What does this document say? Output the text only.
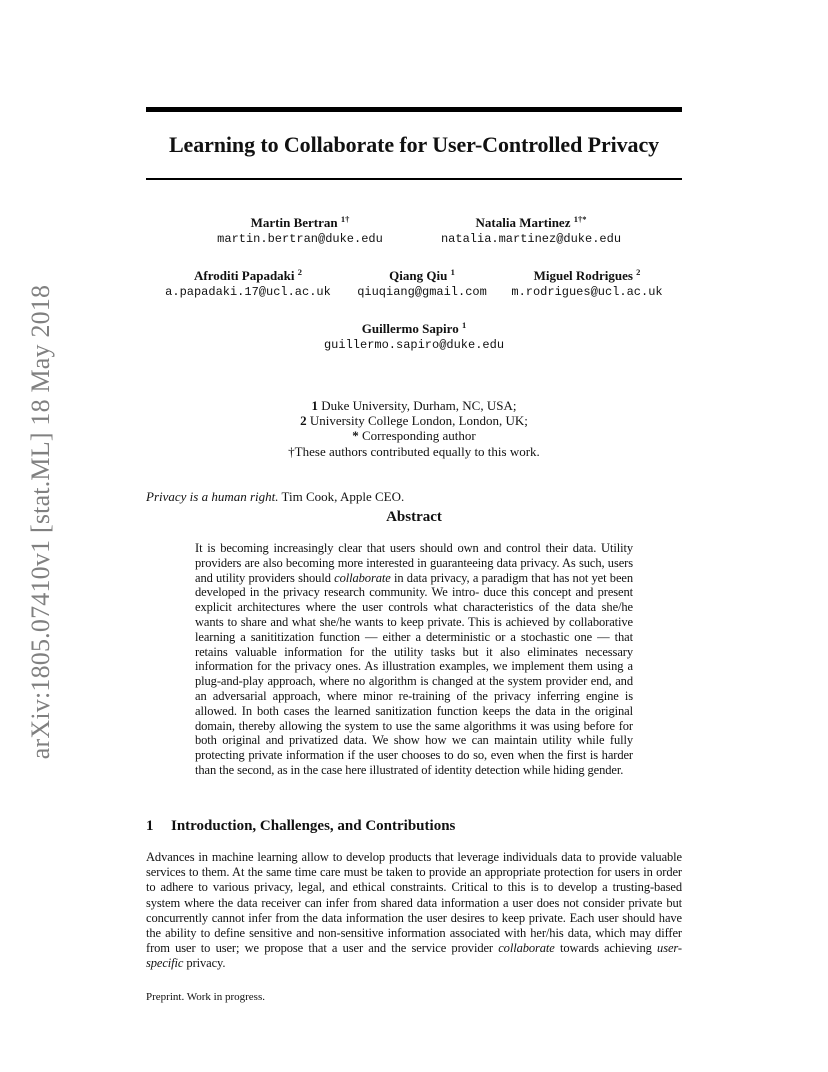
arXiv:1805.07410v1 [stat.ML] 18 May 2018
Learning to Collaborate for User-Controlled Privacy
Martin Bertran $^{1\dagger}$
martin.bertran@duke.edu
Natalia Martinez $^{1\dagger*}$
natalia.martinez@duke.edu
Afroditi Papadaki $^2$
a.papadaki.17@ucl.ac.uk
Qiang Qiu $^1$
qiuqiang@gmail.com
Miguel Rodrigues $^2$
m.rodrigues@ucl.ac.uk
Guillermo Sapiro $^1$
guillermo.sapiro@duke.edu
1 Duke University, Durham, NC, USA;
2 University College London, London, UK;
* Corresponding author
†These authors contributed equally to this work.
Privacy is a human right. Tim Cook, Apple CEO.
Abstract
It is becoming increasingly clear that users should own and control their data. Utility providers are also becoming more interested in guaranteeing data privacy. As such, users and utility providers should collaborate in data privacy, a paradigm that has not yet been developed in the privacy research community. We intro- duce this concept and present explicit architectures where the user controls what characteristics of the data she/he wants to share and what she/he wants to keep private. This is achieved by collaborative learning a sanititization function — either a deterministic or a stochastic one — that retains valuable information for the utility tasks but it also eliminates necessary information for the privacy ones. As illustration examples, we implement them using a plug-and-play approach, where no algorithm is changed at the system provider end, and an adversarial approach, where minor re-training of the privacy inferring engine is allowed. In both cases the learned sanitization function keeps the data in the original domain, thereby allowing the system to use the same algorithms it was using before for both original and privatized data. We show how we can maintain utility while fully protecting private information if the user chooses to do so, even when the first is harder than the second, as in the case here illustrated of identity detection while hiding gender.
1 Introduction, Challenges, and Contributions
Advances in machine learning allow to develop products that leverage individuals data to provide valuable services to them. At the same time care must be taken to provide an appropriate protection for users in order to adhere to various privacy, legal, and ethical constraints. Critical to this is to develop a trusting-based system where the data receiver can infer from shared data information a user does not consider private but concurrently cannot infer from the data information the user desires to keep private. Each user should have the ability to define sensitive and non-sensitive information associated with her/his data, which may differ from user to user; we propose that a user and the service provider collaborate towards achieving user-specific privacy.
Preprint. Work in progress.
